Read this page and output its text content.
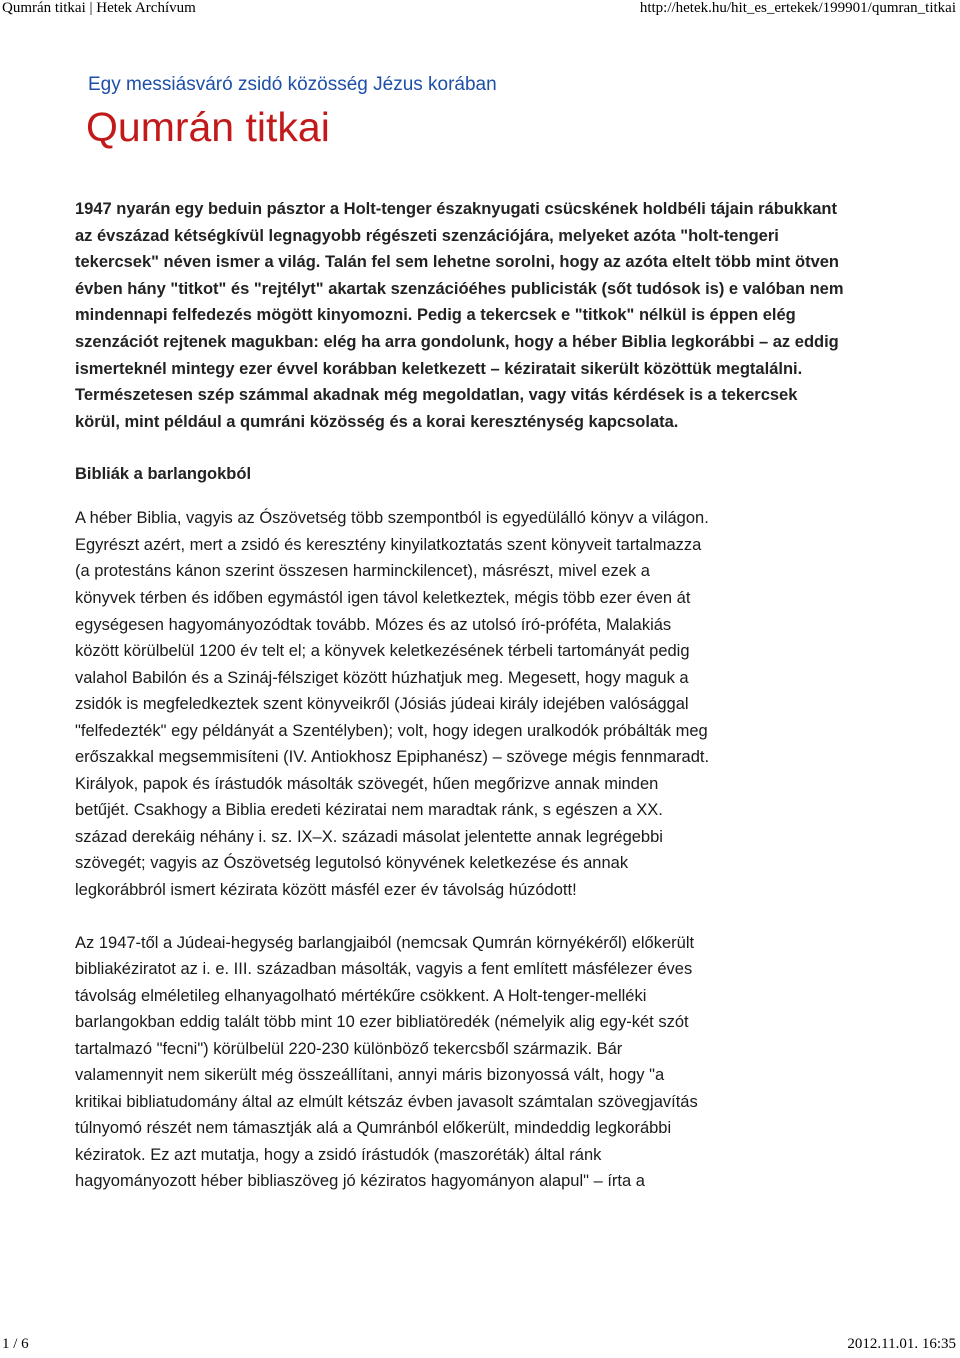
Qumrán titkai | Hetek Archívum	http://hetek.hu/hit_es_ertekek/199901/qumran_titkai
Egy messiásváró zsidó közösség Jézus korában
Qumrán titkai

1947 nyarán egy beduin pásztor a Holt-tenger északnyugati csücskének holdbéli tájain rábukkant az évszázad kétségkívül legnagyobb régészeti szenzációjára, melyeket azóta "holt-tengeri tekercsek" néven ismer a világ. Talán fel sem lehetne sorolni, hogy az azóta eltelt több mint ötven évben hány "titkot" és "rejtélyt" akartak szenzációéhes publicisták (sőt tudósok is) e valóban nem mindennapi felfedezés mögött kinyomozni. Pedig a tekercsek e "titkok" nélkül is éppen elég szenzációt rejtenek magukban: elég ha arra gondolunk, hogy a héber Biblia legkorábbi – az eddig ismerteknél mintegy ezer évvel korábban keletkezett – kéziratait sikerült közöttük megtalálni. Természetesen szép számmal akadnak még megoldatlan, vagy vitás kérdések is a tekercsek körül, mint például a qumráni közösség és a korai kereszténység kapcsolata.

Bibliák a barlangokból

A héber Biblia, vagyis az Ószövetség több szempontból is egyedülálló könyv a világon. Egyrészt azért, mert a zsidó és keresztény kinyilatkoztatás szent könyveit tartalmazza (a protestáns kánon szerint összesen harminckilencet), másrészt, mivel ezek a könyvek térben és időben egymástól igen távol keletkeztek, mégis több ezer éven át egységesen hagyományozódtak tovább. Mózes és az utolsó író-próféta, Malakiás között körülbelül 1200 év telt el; a könyvek keletkezésének térbeli tartományát pedig valahol Babilón és a Szináj-félsziget között húzhatjuk meg. Megesett, hogy maguk a zsidók is megfeledkeztek szent könyveikről (Jósiás júdeai király idejében valósággal "felfedezték" egy példányát a Szentélyben); volt, hogy idegen uralkodók próbálták meg erőszakkal megsemmisíteni (IV. Antiokhosz Epiphanész) – szövege mégis fennmaradt. Királyok, papok és írástudók másolták szövegét, hűen megőrizve annak minden betűjét. Csakhogy a Biblia eredeti kéziratai nem maradtak ránk, s egészen a XX. század derekáig néhány i. sz. IX–X. századi másolat jelentette annak legrégebbi szövegét; vagyis az Ószövetség legutolsó könyvének keletkezése és annak legkorábbról ismert kézirata között másfél ezer év távolság húzódott!

Az 1947-től a Júdeai-hegység barlangjaiból (nemcsak Qumrán környékéről) előkerült bibliakéziratot az i. e. III. században másolták, vagyis a fent említett másfélezer éves távolság elméletileg elhanyagolható mértékűre csökkent. A Holt-tenger-melléki barlangokban eddig talált több mint 10 ezer bibliatöredék (némelyik alig egy-két szót tartalmazó "fecni") körülbelül 220-230 különböző tekercsből származik. Bár valamennyit nem sikerült még összeállítani, annyi máris bizonyossá vált, hogy "a kritikai bibliatudomány által az elmúlt kétszáz évben javasolt számtalan szövegjavítás túlnyomó részét nem támasztják alá a Qumránból előkerült, mindeddig legkorábbi kéziratok. Ez azt mutatja, hogy a zsidó írástudók (maszoréták) által ránk hagyományozott héber bibliaszöveg jó kéziratos hagyományon alapul" – írta a

1 / 6	2012.11.01. 16:35
